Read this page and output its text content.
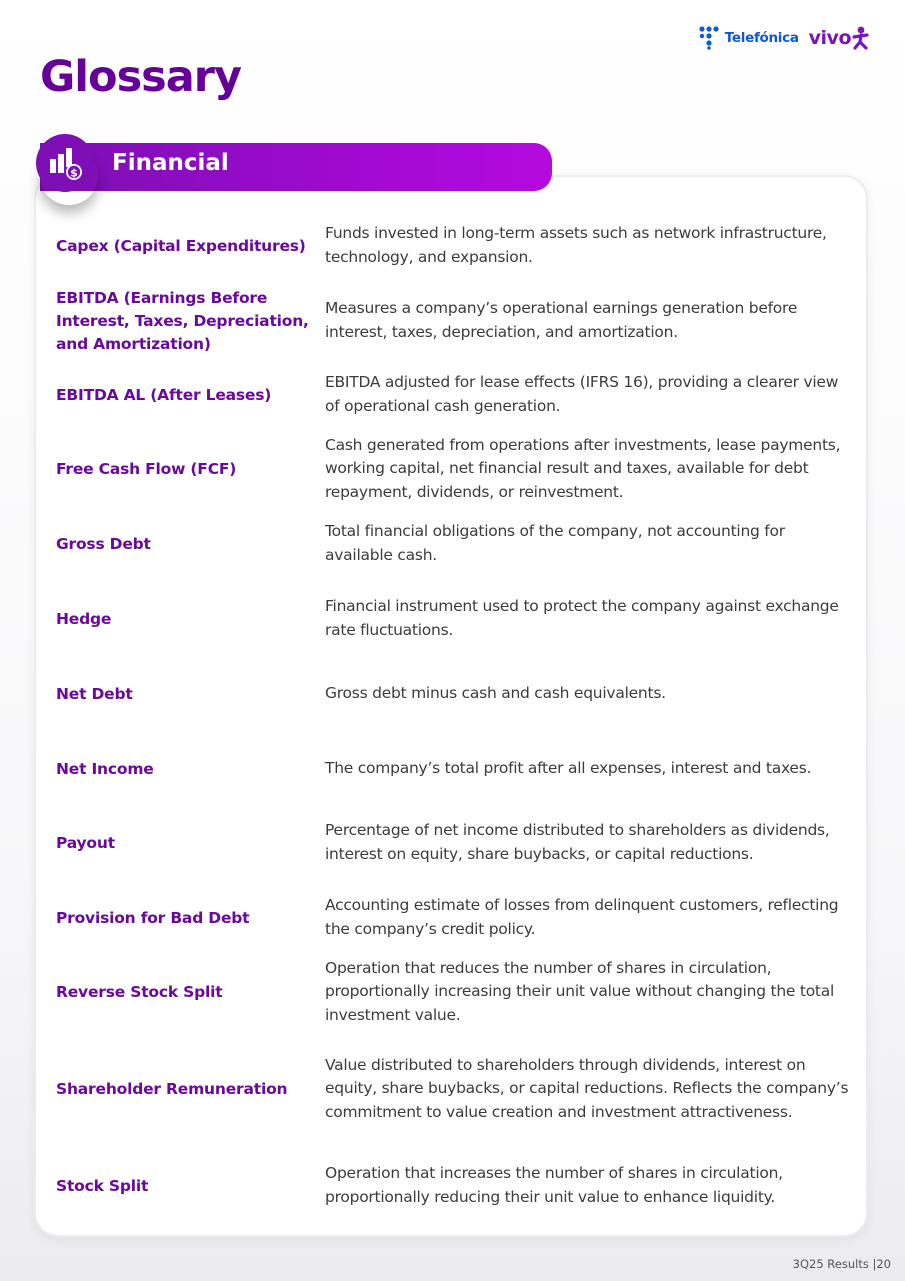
Telefónica vivo
Glossary
$ Financial
Capex (Capital Expenditures)
Funds invested in long-term assets such as network infrastructure, technology, and expansion.
EBITDA (Earnings Before Interest, Taxes, Depreciation, and Amortization)
Measures a company’s operational earnings generation before interest, taxes, depreciation, and amortization.
EBITDA AL (After Leases)
EBITDA adjusted for lease effects (IFRS 16), providing a clearer view of operational cash generation.
Free Cash Flow (FCF)
Cash generated from operations after investments, lease payments, working capital, net financial result and taxes, available for debt repayment, dividends, or reinvestment.
Gross Debt
Total financial obligations of the company, not accounting for available cash.
Hedge
Financial instrument used to protect the company against exchange rate fluctuations.
Net Debt	Gross debt minus cash and cash equivalents.
Net Income	The company’s total profit after all expenses, interest and taxes.
Payout
Percentage of net income distributed to shareholders as dividends, interest on equity, share buybacks, or capital reductions.
Provision for Bad Debt
Accounting estimate of losses from delinquent customers, reflecting the company’s credit policy.
Reverse Stock Split
Operation that reduces the number of shares in circulation, proportionally increasing their unit value without changing the total investment value.
Shareholder Remuneration
Value distributed to shareholders through dividends, interest on equity, share buybacks, or capital reductions. Reflects the company’s commitment to value creation and investment attractiveness.
Stock Split
Operation that increases the number of shares in circulation, proportionally reducing their unit value to enhance liquidity.
3Q25 Results |20
